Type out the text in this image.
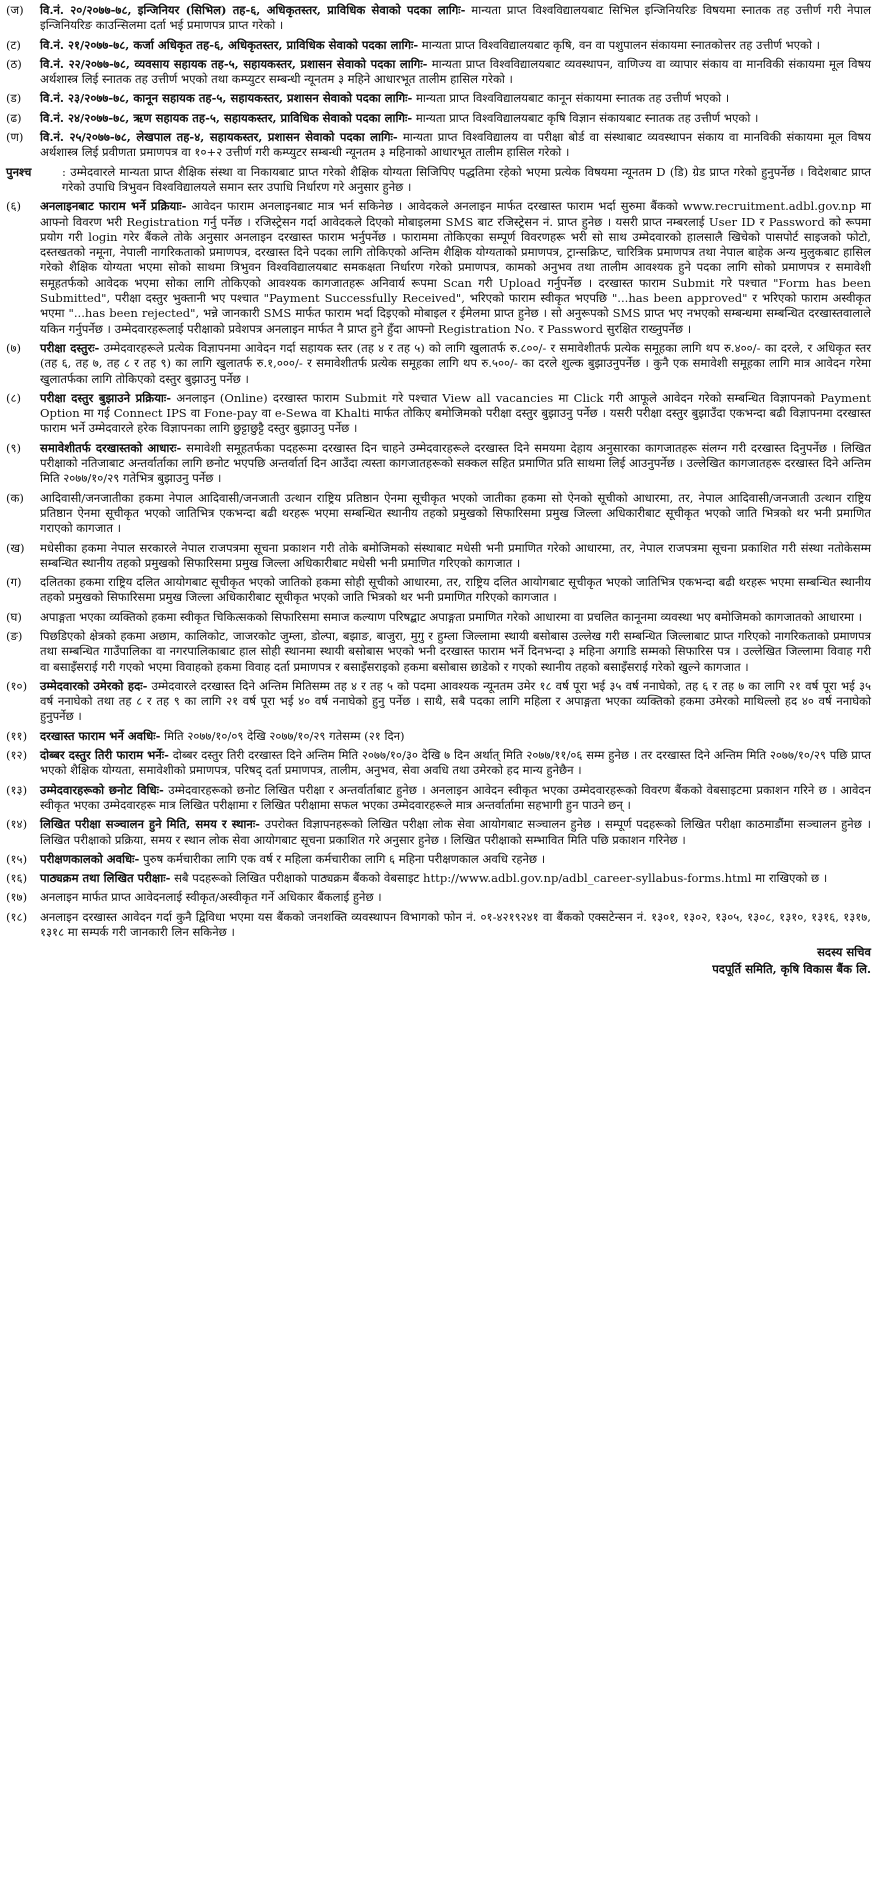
(ज)	वि.नं. २०/२०७७-७८, इन्जिनियर (सिभिल) तह-६, अधिकृतस्तर, प्राविधिक सेवाको पदका लागिः- मान्यता प्राप्त विश्वविद्यालयबाट सिभिल इन्जिनियरिङ विषयमा स्नातक तह उत्तीर्ण गरी नेपाल इन्जिनियरिङ काउन्सिलमा दर्ता भई प्रमाणपत्र प्राप्त गरेको ।
(ट)	वि.नं. २१/२०७७-७८, कर्जा अधिकृत तह-६, अधिकृतस्तर, प्राविधिक सेवाको पदका लागिः- मान्यता प्राप्त विश्वविद्यालयबाट कृषि, वन वा पशुपालन संकायमा स्नातकोत्तर तह उत्तीर्ण भएको ।
(ठ)	वि.नं. २२/२०७७-७८, व्यवसाय सहायक तह-५, सहायकस्तर, प्रशासन सेवाको पदका लागिः- मान्यता प्राप्त विश्वविद्यालयबाट व्यवस्थापन, वाणिज्य वा व्यापार संकाय वा मानविकी संकायमा मूल विषय अर्थशास्त्र लिई स्नातक तह उत्तीर्ण भएको तथा कम्प्युटर सम्बन्धी न्यूनतम ३ महिने आधारभूत तालीम हासिल गरेको ।
(ड)	वि.नं. २३/२०७७-७८, कानून सहायक तह-५, सहायकस्तर, प्रशासन सेवाको पदका लागिः- मान्यता प्राप्त विश्वविद्यालयबाट कानून संकायमा स्नातक तह उत्तीर्ण भएको ।
(ढ)	वि.नं. २४/२०७७-७८, ऋण सहायक तह-५, सहायकस्तर, प्राविधिक सेवाको पदका लागिः- मान्यता प्राप्त विश्वविद्यालयबाट कृषि विज्ञान संकायबाट स्नातक तह उत्तीर्ण भएको ।
(ण)	वि.नं. २५/२०७७-७८, लेखपाल तह-४, सहायकस्तर, प्रशासन सेवाको पदका लागिः- मान्यता प्राप्त विश्वविद्यालय वा परीक्षा बोर्ड वा संस्थाबाट व्यवस्थापन संकाय वा मानविकी संकायमा मूल विषय अर्थशास्त्र लिई प्रवीणता प्रमाणपत्र वा १०+२ उत्तीर्ण गरी कम्प्युटर सम्बन्धी न्यूनतम ३ महिनाको आधारभूत तालीम हासिल गरेको ।
पुनश्च	: उम्मेदवारले मान्यता प्राप्त शैक्षिक संस्था वा निकायबाट प्राप्त गरेको शैक्षिक योग्यता सिजिपिए पद्धतिमा रहेको भएमा प्रत्येक विषयमा न्यूनतम D (डि) ग्रेड प्राप्त गरेको हुनुपर्नेछ । विदेशबाट प्राप्त गरेको उपाधि त्रिभुवन विश्वविद्यालयले समान स्तर उपाधि निर्धारण गरे अनुसार हुनेछ ।
(६)	अनलाइनबाट फाराम भर्ने प्रक्रियाः- आवेदन फाराम अनलाइनबाट मात्र भर्न सकिनेछ । आवेदकले अनलाइन मार्फत दरखास्त फाराम भर्दा सुरुमा बैंकको www.recruitment.adbl.gov.np मा आफ्नो विवरण भरी Registration गर्नु पर्नेछ । रजिस्ट्रेसन गर्दा आवेदकले दिएको मोबाइलमा SMS बाट रजिस्ट्रेसन नं. प्राप्त हुनेछ । यसरी प्राप्त नम्बरलाई User ID र Password को रूपमा प्रयोग गरी login गरेर बैंकले तोके अनुसार अनलाइन दरखास्त फाराम भर्नुपर्नेछ । फाराममा तोकिएका सम्पूर्ण विवरणहरू भरी सो साथ उम्मेदवारको हालसालै खिचेको पासपोर्ट साइजको फोटो, दस्तखतको नमूना, नेपाली नागरिकताको प्रमाणपत्र, दरखास्त दिने पदका लागि तोकिएको अन्तिम शैक्षिक योग्यताको प्रमाणपत्र, ट्रान्सक्रिप्ट, चारित्रिक प्रमाणपत्र तथा नेपाल बाहेक अन्य मुलुकबाट हासिल गरेको शैक्षिक योग्यता भएमा सोको साथमा त्रिभुवन विश्वविद्यालयबाट समकक्षता निर्धारण गरेको प्रमाणपत्र, कामको अनुभव तथा तालीम आवश्यक हुने पदका लागि सोको प्रमाणपत्र र समावेशी समूहतर्फको आवेदक भएमा सोका लागि तोकिएको आवश्यक कागजातहरू अनिवार्य रूपमा Scan गरी Upload गर्नुपर्नेछ । दरखास्त फाराम Submit गरे पश्चात "Form has been Submitted", परीक्षा दस्तुर भुक्तानी भए पश्चात "Payment Successfully Received", भरिएको फाराम स्वीकृत भएपछि "...has been approved" र भरिएको फाराम अस्वीकृत भएमा "...has been rejected", भन्ने जानकारी SMS मार्फत फाराम भर्दा दिइएको मोबाइल र ईमेलमा प्राप्त हुनेछ । सो अनुरूपको SMS प्राप्त भए नभएको सम्बन्धमा सम्बन्धित दरखास्तवालाले यकिन गर्नुपर्नेछ । उम्मेदवारहरूलाई परीक्षाको प्रवेशपत्र अनलाइन मार्फत नै प्राप्त हुने हुँदा आफ्नो Registration No. र Password सुरक्षित राख्नुपर्नेछ ।
(७)	परीक्षा दस्तुरः- उम्मेदवारहरूले प्रत्येक विज्ञापनमा आवेदन गर्दा सहायक स्तर (तह ४ र तह ५) को लागि खुलातर्फ रु.८००/- र समावेशीतर्फ प्रत्येक समूहका लागि थप रु.४००/- का दरले, र अधिकृत स्तर (तह ६, तह ७, तह ८ र तह ९) का लागि खुलातर्फ रु.१,०००/- र समावेशीतर्फ प्रत्येक समूहका लागि थप रु.५००/- का दरले शुल्क बुझाउनुपर्नेछ । कुनै एक समावेशी समूहका लागि मात्र आवेदन गरेमा खुलातर्फका लागि तोकिएको दस्तुर बुझाउनु पर्नेछ ।
(८)	परीक्षा दस्तुर बुझाउने प्रक्रियाः- अनलाइन (Online) दरखास्त फाराम Submit गरे पश्चात View all vacancies मा Click गरी आफूले आवेदन गरेको सम्बन्धित विज्ञापनको Payment Option मा गई Connect IPS वा Fone-pay वा e-Sewa वा Khalti मार्फत तोकिए बमोजिमको परीक्षा दस्तुर बुझाउनु पर्नेछ । यसरी परीक्षा दस्तुर बुझाउँदा एकभन्दा बढी विज्ञापनमा दरखास्त फाराम भर्ने उम्मेदवारले हरेक विज्ञापनका लागि छुट्टाछुट्टै दस्तुर बुझाउनु पर्नेछ ।
(९)	समावेशीतर्फ दरखास्तको आधारः- समावेशी समूहतर्फका पदहरूमा दरखास्त दिन चाहने उम्मेदवारहरूले दरखास्त दिने समयमा देहाय अनुसारका कागजातहरू संलग्न गरी दरखास्त दिनुपर्नेछ । लिखित परीक्षाको नतिजाबाट अन्तर्वार्ताका लागि छनोट भएपछि अन्तर्वार्ता दिन आउँदा त्यस्ता कागजातहरूको सक्कल सहित प्रमाणित प्रति साथमा लिई आउनुपर्नेछ । उल्लेखित कागजातहरू दरखास्त दिने अन्तिम मिति २०७७/१०/२९ गतेभित्र बुझाउनु पर्नेछ ।
(क)	आदिवासी/जनजातीका हकमा नेपाल आदिवासी/जनजाती उत्थान राष्ट्रिय प्रतिष्ठान ऐनमा सूचीकृत भएको जातीका हकमा सो ऐनको सूचीको आधारमा, तर, नेपाल आदिवासी/जनजाती उत्थान राष्ट्रिय प्रतिष्ठान ऐनमा सूचीकृत भएको जातिभित्र एकभन्दा बढी थरहरू भएमा सम्बन्धित स्थानीय तहको प्रमुखको सिफारिसमा प्रमुख जिल्ला अधिकारीबाट सूचीकृत भएको जाति भित्रको थर भनी प्रमाणित गराएको कागजात ।
(ख)	मधेसीका हकमा नेपाल सरकारले नेपाल राजपत्रमा सूचना प्रकाशन गरी तोके बमोजिमको संस्थाबाट मधेसी भनी प्रमाणित गरेको आधारमा, तर, नेपाल राजपत्रमा सूचना प्रकाशित गरी संस्था नतोकेसम्म सम्बन्धित स्थानीय तहको प्रमुखको सिफारिसमा प्रमुख जिल्ला अधिकारीबाट मधेसी भनी प्रमाणित गरिएको कागजात ।
(ग)	दलितका हकमा राष्ट्रिय दलित आयोगबाट सूचीकृत भएको जातिको हकमा सोही सूचीको आधारमा, तर, राष्ट्रिय दलित आयोगबाट सूचीकृत भएको जातिभित्र एकभन्दा बढी थरहरू भएमा सम्बन्धित स्थानीय तहको प्रमुखको सिफारिसमा प्रमुख जिल्ला अधिकारीबाट सूचीकृत भएको जाति भित्रको थर भनी प्रमाणित गरिएको कागजात ।
(घ)	अपाङ्गता भएका व्यक्तिको हकमा स्वीकृत चिकित्सकको सिफारिसमा समाज कल्याण परिषद्बाट अपाङ्गता प्रमाणित गरेको आधारमा वा प्रचलित कानूनमा व्यवस्था भए बमोजिमको कागजातको आधारमा ।
(ङ)	पिछडिएको क्षेत्रको हकमा अछाम, कालिकोट, जाजरकोट जुम्ला, डोल्पा, बझाङ, बाजुरा, मुगु र हुम्ला जिल्लामा स्थायी बसोबास उल्लेख गरी सम्बन्धित जिल्लाबाट प्राप्त गरिएको नागरिकताको प्रमाणपत्र तथा सम्बन्धित गाउँपालिका वा नगरपालिकाबाट हाल सोही स्थानमा स्थायी बसोबास भएको भनी दरखास्त फाराम भर्ने दिनभन्दा ३ महिना अगाडि सम्मको सिफारिस पत्र । उल्लेखित जिल्लामा विवाह गरी वा बसाइँसराई गरी गएको भएमा विवाहको हकमा विवाह दर्ता प्रमाणपत्र र बसाइँसराइको हकमा बसोबास छाडेको र गएको स्थानीय तहको बसाइँसराई गरेको खुल्ने कागजात ।
(१०)	उम्मेदवारको उमेरको हदः- उम्मेदवारले दरखास्त दिने अन्तिम मितिसम्म तह ४ र तह ५ को पदमा आवश्यक न्यूनतम उमेर १८ वर्ष पूरा भई ३५ वर्ष ननाघेको, तह ६ र तह ७ का लागि २१ वर्ष पूरा भई ३५ वर्ष ननाघेको तथा तह ८ र तह ९ का लागि २१ वर्ष पूरा भई ४० वर्ष ननाघेको हुनु पर्नेछ । साथै, सबै पदका लागि महिला र अपाङ्गता भएका व्यक्तिको हकमा उमेरको माथिल्लो हद ४० वर्ष ननाघेको हुनुपर्नेछ ।
(११)	दरखास्त फाराम भर्ने अवधिः- मिति २०७७/१०/०९ देखि २०७७/१०/२९ गतेसम्म (२१ दिन)
(१२)	दोब्बर दस्तुर तिरी फाराम भर्नेः- दोब्बर दस्तुर तिरी दरखास्त दिने अन्तिम मिति २०७७/१०/३० देखि ७ दिन अर्थात् मिति २०७७/११/०६ सम्म हुनेछ । तर दरखास्त दिने अन्तिम मिति २०७७/१०/२९ पछि प्राप्त भएको शैक्षिक योग्यता, समावेशीको प्रमाणपत्र, परिषद् दर्ता प्रमाणपत्र, तालीम, अनुभव, सेवा अवधि तथा उमेरको हद मान्य हुनेछैन ।
(१३)	उम्मेदवारहरूको छनोट विधिः- उम्मेदवारहरूको छनोट लिखित परीक्षा र अन्तर्वार्ताबाट हुनेछ । अनलाइन आवेदन स्वीकृत भएका उम्मेदवारहरूको विवरण बैंकको वेबसाइटमा प्रकाशन गरिने छ । आवेदन स्वीकृत भएका उम्मेदवारहरू मात्र लिखित परीक्षामा र लिखित परीक्षामा सफल भएका उम्मेदवारहरूले मात्र अन्तर्वार्तामा सहभागी हुन पाउने छन् ।
(१४)	लिखित परीक्षा सञ्चालन हुने मिति, समय र स्थानः- उपरोक्त विज्ञापनहरूको लिखित परीक्षा लोक सेवा आयोगबाट सञ्चालन हुनेछ । सम्पूर्ण पदहरूको लिखित परीक्षा काठमाडौंमा सञ्चालन हुनेछ । लिखित परीक्षाको प्रक्रिया, समय र स्थान लोक सेवा आयोगबाट सूचना प्रकाशित गरे अनुसार हुनेछ । लिखित परीक्षाको सम्भावित मिति पछि प्रकाशन गरिनेछ ।
(१५)	परीक्षणकालको अवधिः- पुरुष कर्मचारीका लागि एक वर्ष र महिला कर्मचारीका लागि ६ महिना परीक्षणकाल अवधि रहनेछ ।
(१६)	पाठ्यक्रम तथा लिखित परीक्षाः- सबै पदहरूको लिखित परीक्षाको पाठ्यक्रम बैंकको वेबसाइट http://www.adbl.gov.np/adbl_career-syllabus-forms.html मा राखिएको छ ।
(१७)	अनलाइन मार्फत प्राप्त आवेदनलाई स्वीकृत/अस्वीकृत गर्ने अधिकार बैंकलाई हुनेछ ।
(१८)	अनलाइन दरखास्त आवेदन गर्दा कुनै द्विविधा भएमा यस बैंकको जनशक्ति व्यवस्थापन विभागको फोन नं. ०१-४२१९२४१ वा बैंकको एक्सटेन्सन नं. १३०१, १३०२, १३०५, १३०८, १३१०, १३१६, १३१७, १३१८ मा सम्पर्क गरी जानकारी लिन सकिनेछ ।
सदस्य सचिव
पदपूर्ति समिति, कृषि विकास बैंक लि.
